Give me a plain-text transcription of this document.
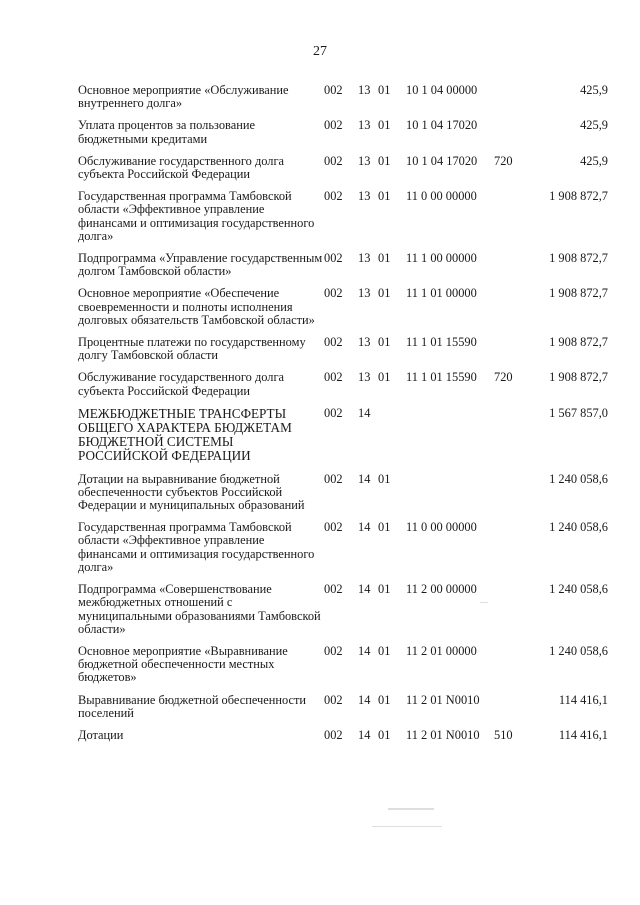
27
Основное мероприятие «Обслуживание внутреннего долга»	002	13	01	10 1 04 00000		425,9
Уплата процентов за пользование бюджетными кредитами	002	13	01	10 1 04 17020		425,9
Обслуживание государственного долга субъекта Российской Федерации	002	13	01	10 1 04 17020	720	425,9
Государственная программа Тамбовской области «Эффективное управление финансами и оптимизация государственного долга»	002	13	01	11 0 00 00000		1 908 872,7
Подпрограмма «Управление государственным долгом Тамбовской области»	002	13	01	11 1 00 00000		1 908 872,7
Основное мероприятие «Обеспечение своевременности и полноты исполнения долговых обязательств Тамбовской области»	002	13	01	11 1 01 00000		1 908 872,7
Процентные платежи по государственному долгу Тамбовской области	002	13	01	11 1 01 15590		1 908 872,7
Обслуживание государственного долга субъекта Российской Федерации	002	13	01	11 1 01 15590	720	1 908 872,7
МЕЖБЮДЖЕТНЫЕ ТРАНСФЕРТЫ ОБЩЕГО ХАРАКТЕРА БЮДЖЕТАМ БЮДЖЕТНОЙ СИСТЕМЫ РОССИЙСКОЙ ФЕДЕРАЦИИ	002	14				1 567 857,0
Дотации на выравнивание бюджетной обеспеченности субъектов Российской Федерации и муниципальных образований	002	14	01			1 240 058,6
Государственная программа Тамбовской области «Эффективное управление финансами и оптимизация государственного долга»	002	14	01	11 0 00 00000		1 240 058,6
Подпрограмма «Совершенствование межбюджетных отношений с муниципальными образованиями Тамбовской области»	002	14	01	11 2 00 00000		1 240 058,6
Основное мероприятие «Выравнивание бюджетной обеспеченности местных бюджетов»	002	14	01	11 2 01 00000		1 240 058,6
Выравнивание бюджетной обеспеченности поселений	002	14	01	11 2 01 N0010		114 416,1
Дотации	002	14	01	11 2 01 N0010	510	114 416,1
